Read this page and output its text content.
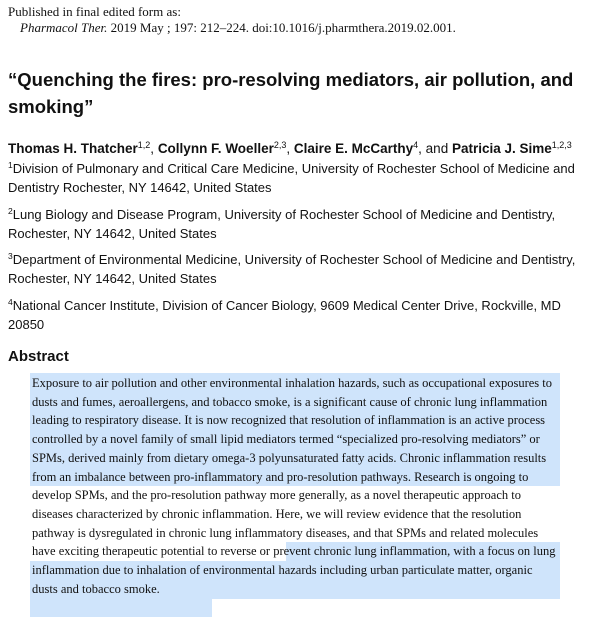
Published in final edited form as:
Pharmacol Ther. 2019 May ; 197: 212–224. doi:10.1016/j.pharmthera.2019.02.001.
“Quenching the fires: pro-resolving mediators, air pollution, and smoking”
Thomas H. Thatcher$^{1,2}$, Collynn F. Woeller$^{2,3}$, Claire E. McCarthy$^4$, and Patricia J. Sime$^{1,2,3}$
$^1$Division of Pulmonary and Critical Care Medicine, University of Rochester School of Medicine and Dentistry Rochester, NY 14642, United States
$^2$Lung Biology and Disease Program, University of Rochester School of Medicine and Dentistry, Rochester, NY 14642, United States
$^3$Department of Environmental Medicine, University of Rochester School of Medicine and Dentistry, Rochester, NY 14642, United States
$^4$National Cancer Institute, Division of Cancer Biology, 9609 Medical Center Drive, Rockville, MD 20850
Abstract

Exposure to air pollution and other environmental inhalation hazards, such as occupational exposures to dusts and fumes, aeroallergens, and tobacco smoke, is a significant cause of chronic lung inflammation leading to respiratory disease. It is now recognized that resolution of inflammation is an active process controlled by a novel family of small lipid mediators termed “specialized pro-resolving mediators” or SPMs, derived mainly from dietary omega-3 polyunsaturated fatty acids. Chronic inflammation results from an imbalance between pro-inflammatory and pro-resolution pathways. Research is ongoing to develop SPMs, and the pro-resolution pathway more generally, as a novel therapeutic approach to diseases characterized by chronic inflammation. Here, we will review evidence that the resolution pathway is dysregulated in chronic lung inflammatory diseases, and that SPMs and related molecules have exciting therapeutic potential to reverse or prevent chronic lung inflammation, with a focus on lung inflammation due to inhalation of environmental hazards including urban particulate matter, organic dusts and tobacco smoke.
